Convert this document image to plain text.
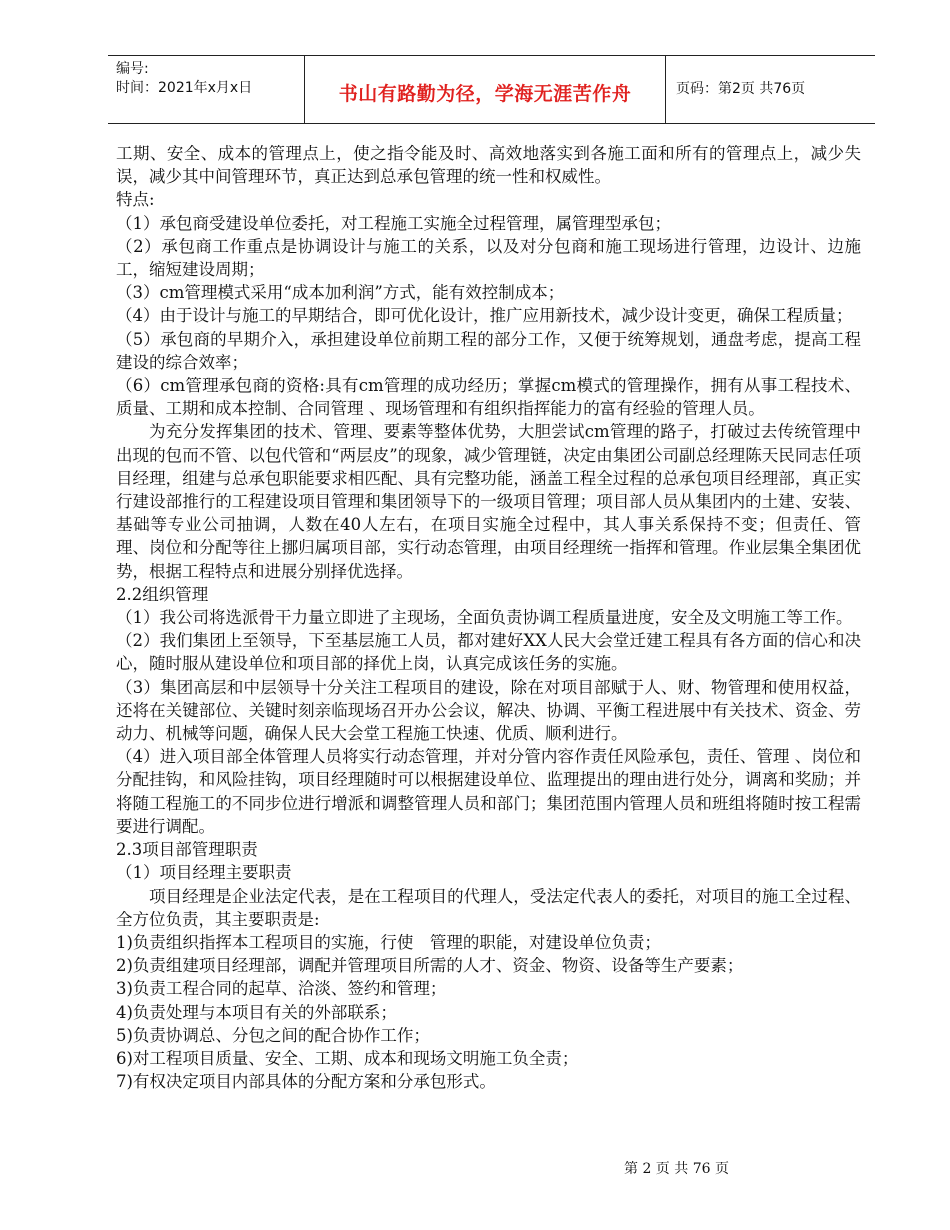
编号:
时间：2021年x月x日	书山有路勤为径，学海无涯苦作舟	页码：第2页 共76页

工期、安全、成本的管理点上，使之指令能及时、高效地落实到各施工面和所有的管理点上，减少失误，减少其中间管理环节，真正达到总承包管理的统一性和权威性。

特点:

（1）承包商受建设单位委托，对工程施工实施全过程管理，属管理型承包；

（2）承包商工作重点是协调设计与施工的关系，以及对分包商和施工现场进行管理，边设计、边施工，缩短建设周期；

（3）cm管理模式采用“成本加利润”方式，能有效控制成本；

（4）由于设计与施工的早期结合，即可优化设计，推广应用新技术，减少设计变更，确保工程质量；

（5）承包商的早期介入，承担建设单位前期工程的部分工作，又便于统筹规划，通盘考虑，提高工程建设的综合效率；

（6）cm管理承包商的资格:具有cm管理的成功经历；掌握cm模式的管理操作，拥有从事工程技术、质量、工期和成本控制、合同管理 、现场管理和有组织指挥能力的富有经验的管理人员。

为充分发挥集团的技术、管理、要素等整体优势，大胆尝试cm管理的路子，打破过去传统管理中出现的包而不管、以包代管和“两层皮”的现象，减少管理链，决定由集团公司副总经理陈天民同志任项目经理，组建与总承包职能要求相匹配、具有完整功能，涵盖工程全过程的总承包项目经理部，真正实行建设部推行的工程建设项目管理和集团领导下的一级项目管理；项目部人员从集团内的土建、安装、基础等专业公司抽调，人数在40人左右，在项目实施全过程中，其人事关系保持不变；但责任、管理、岗位和分配等往上挪归属项目部，实行动态管理，由项目经理统一指挥和管理。作业层集全集团优势，根据工程特点和进展分别择优选择。

2.2组织管理

（1）我公司将选派骨干力量立即进了主现场，全面负责协调工程质量进度，安全及文明施工等工作。

（2）我们集团上至领导，下至基层施工人员，都对建好XX人民大会堂迁建工程具有各方面的信心和决心，随时服从建设单位和项目部的择优上岗，认真完成该任务的实施。

（3）集团高层和中层领导十分关注工程项目的建设，除在对项目部赋于人、财、物管理和使用权益，还将在关键部位、关键时刻亲临现场召开办公会议，解决、协调、平衡工程进展中有关技术、资金、劳动力、机械等问题，确保人民大会堂工程施工快速、优质、顺利进行。

（4）进入项目部全体管理人员将实行动态管理，并对分管内容作责任风险承包，责任、管理 、岗位和分配挂钩，和风险挂钩，项目经理随时可以根据建设单位、监理提出的理由进行处分，调离和奖励；并将随工程施工的不同步位进行增派和调整管理人员和部门；集团范围内管理人员和班组将随时按工程需要进行调配。

2.3项目部管理职责

（1）项目经理主要职责

项目经理是企业法定代表，是在工程项目的代理人，受法定代表人的委托，对项目的施工全过程、全方位负责，其主要职责是:

1)负责组织指挥本工程项目的实施，行使　管理的职能，对建设单位负责；

2)负责组建项目经理部，调配并管理项目所需的人才、资金、物资、设备等生产要素；

3)负责工程合同的起草、洽淡、签约和管理；

4)负责处理与本项目有关的外部联系；

5)负责协调总、分包之间的配合协作工作；

6)对工程项目质量、安全、工期、成本和现场文明施工负全责；

7)有权决定项目内部具体的分配方案和分承包形式。

第 2 页 共 76 页
